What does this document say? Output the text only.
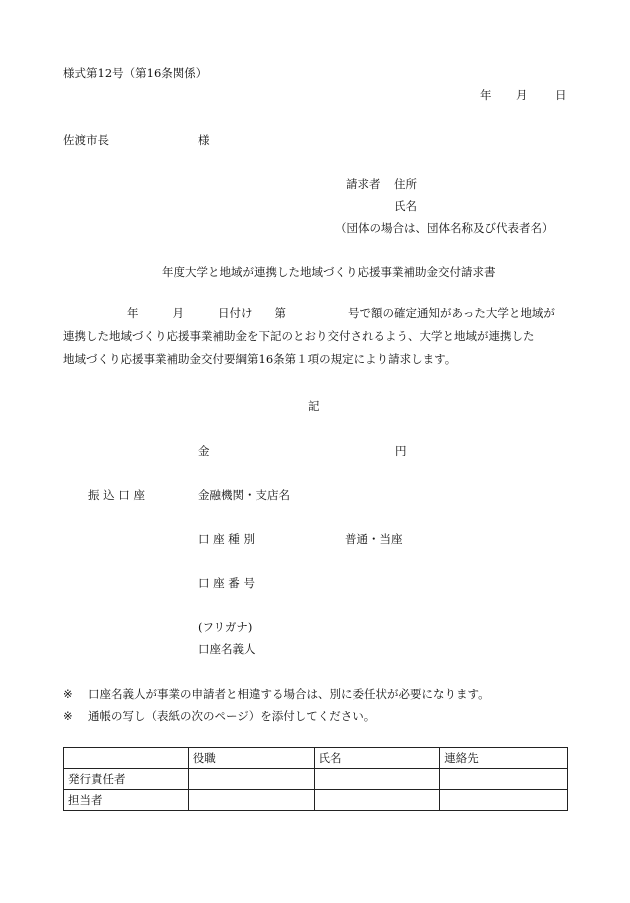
様式第12号（第16条関係）
年 月 日
佐渡市長	様
請求者 住所
氏名
（団体の場合は、団体名称及び代表者名）
年度大学と地域が連携した地域づくり応援事業補助金交付請求書
年	月	日付け 第	号で額の確定通知があった大学と地域が
連携した地域づくり応援事業補助金を下記のとおり交付されるよう、大学と地域が連携した
地域づくり応援事業補助金交付要綱第16条第１項の規定により請求します。
記
金	円
振 込 口 座	金融機関・支店名
口 座 種 別	普通・当座
口 座 番 号
(フリガナ)
口座名義人
※ 口座名義人が事業の申請者と相違する場合は、別に委任状が必要になります。
※ 通帳の写し（表紙の次のページ）を添付してください。
	役職	氏名	連絡先
発行責任者			
担当者			
